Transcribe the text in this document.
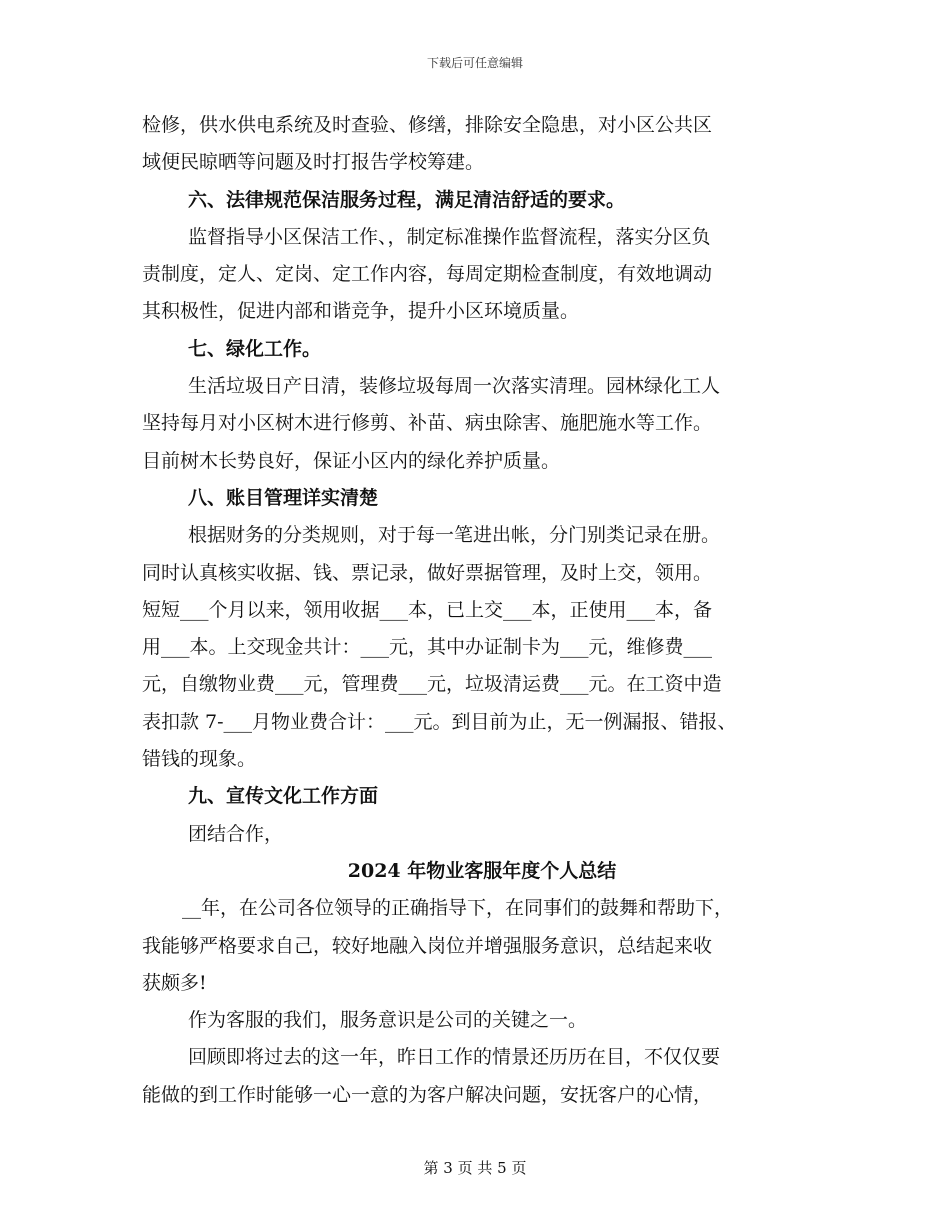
下载后可任意编辑
检修，供水供电系统及时查验、修缮，排除安全隐患，对小区公共区
域便民晾晒等问题及时打报告学校筹建。
六、法律规范保洁服务过程，满足清洁舒适的要求。
监督指导小区保洁工作、，制定标准操作监督流程，落实分区负
责制度，定人、定岗、定工作内容，每周定期检查制度，有效地调动
其积极性，促进内部和谐竞争，提升小区环境质量。
七、绿化工作。
生活垃圾日产日清，装修垃圾每周一次落实清理。园林绿化工人
坚持每月对小区树木进行修剪、补苗、病虫除害、施肥施水等工作。
目前树木长势良好，保证小区内的绿化养护质量。
八、账目管理详实清楚
根据财务的分类规则，对于每一笔进出帐，分门别类记录在册。
同时认真核实收据、钱、票记录，做好票据管理，及时上交，领用。
短短___个月以来，领用收据___本，已上交___本，正使用___本，备
用___本。上交现金共计：___元，其中办证制卡为___元，维修费___
元，自缴物业费___元，管理费___元，垃圾清运费___元。在工资中造
表扣款 7-___月物业费合计：___元。到目前为止，无一例漏报、错报、
错钱的现象。
九、宣传文化工作方面
团结合作，
2024 年物业客服年度个人总结
__年，在公司各位领导的正确指导下，在同事们的鼓舞和帮助下，
我能够严格要求自己，较好地融入岗位并增强服务意识，总结起来收
获颇多!
作为客服的我们，服务意识是公司的关键之一。
回顾即将过去的这一年，昨日工作的情景还历历在目，不仅仅要
能做的到工作时能够一心一意的为客户解决问题，安抚客户的心情，
第 3 页 共 5 页
